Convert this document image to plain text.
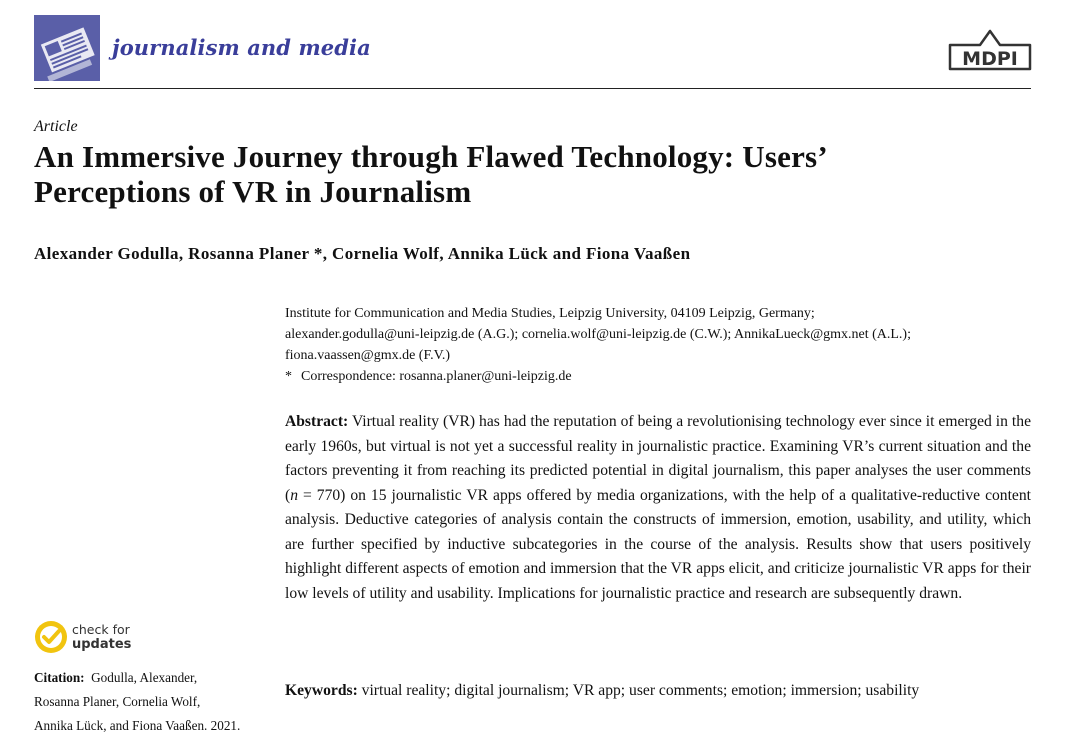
journalism and media	MDPI
Article
An Immersive Journey through Flawed Technology: Users’
Perceptions of VR in Journalism
Alexander Godulla, Rosanna Planer *, Cornelia Wolf, Annika Lück and Fiona Vaaßen
Institute for Communication and Media Studies, Leipzig University, 04109 Leipzig, Germany;
alexander.godulla@uni-leipzig.de (A.G.); cornelia.wolf@uni-leipzig.de (C.W.); AnnikaLueck@gmx.net (A.L.);
fiona.vaassen@gmx.de (F.V.)
* Correspondence: rosanna.planer@uni-leipzig.de

Abstract: Virtual reality (VR) has had the reputation of being a revolutionising technology ever since it emerged in the early 1960s, but virtual is not yet a successful reality in journalistic practice. Examining VR’s current situation and the factors preventing it from reaching its predicted potential in digital journalism, this paper analyses the user comments (n = 770) on 15 journalistic VR apps offered by media organizations, with the help of a qualitative-reductive content analysis. Deductive categories of analysis contain the constructs of immersion, emotion, usability, and utility, which are further specified by inductive subcategories in the course of the analysis. Results show that users positively highlight different aspects of emotion and immersion that the VR apps elicit, and criticize journalistic VR apps for their low levels of utility and usability. Implications for journalistic practice and research are subsequently drawn.

Keywords: virtual reality; digital journalism; VR app; user comments; emotion; immersion; usability
check for
updates
Citation: Godulla, Alexander,
Rosanna Planer, Cornelia Wolf,
Annika Lück, and Fiona Vaaßen. 2021.
